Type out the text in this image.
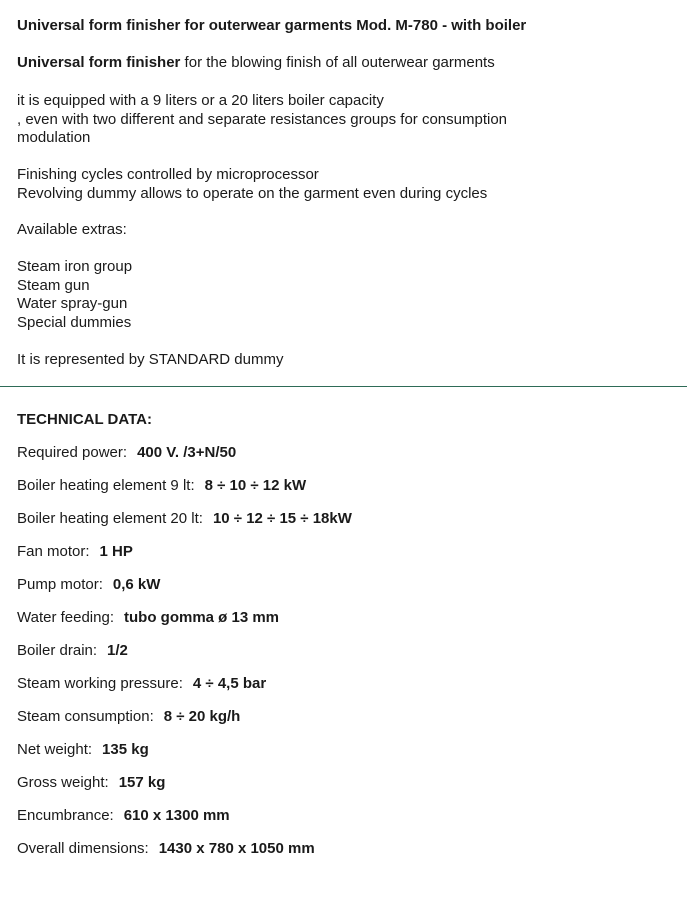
Universal form finisher for outerwear garments Mod. M-780 - with boiler
Universal form finisher for the blowing finish of all outerwear garments
it is equipped with a 9 liters or a 20 liters boiler capacity
, even with two different and separate resistances groups for consumption
modulation
Finishing cycles controlled by microprocessor
Revolving dummy allows to operate on the garment even during cycles
Available extras:
Steam iron group
Steam gun
Water spray-gun
Special dummies
It is represented by STANDARD dummy
TECHNICAL DATA:
Required power: 400 V. /3+N/50
Boiler heating element 9 lt: 8 ÷ 10 ÷ 12 kW
Boiler heating element 20 lt: 10 ÷ 12 ÷ 15 ÷ 18kW
Fan motor: 1 HP
Pump motor: 0,6 kW
Water feeding: tubo gomma ø 13 mm
Boiler drain: 1/2
Steam working pressure: 4 ÷ 4,5 bar
Steam consumption: 8 ÷ 20 kg/h
Net weight: 135 kg
Gross weight: 157 kg
Encumbrance: 610 x 1300 mm
Overall dimensions: 1430 x 780 x 1050 mm
